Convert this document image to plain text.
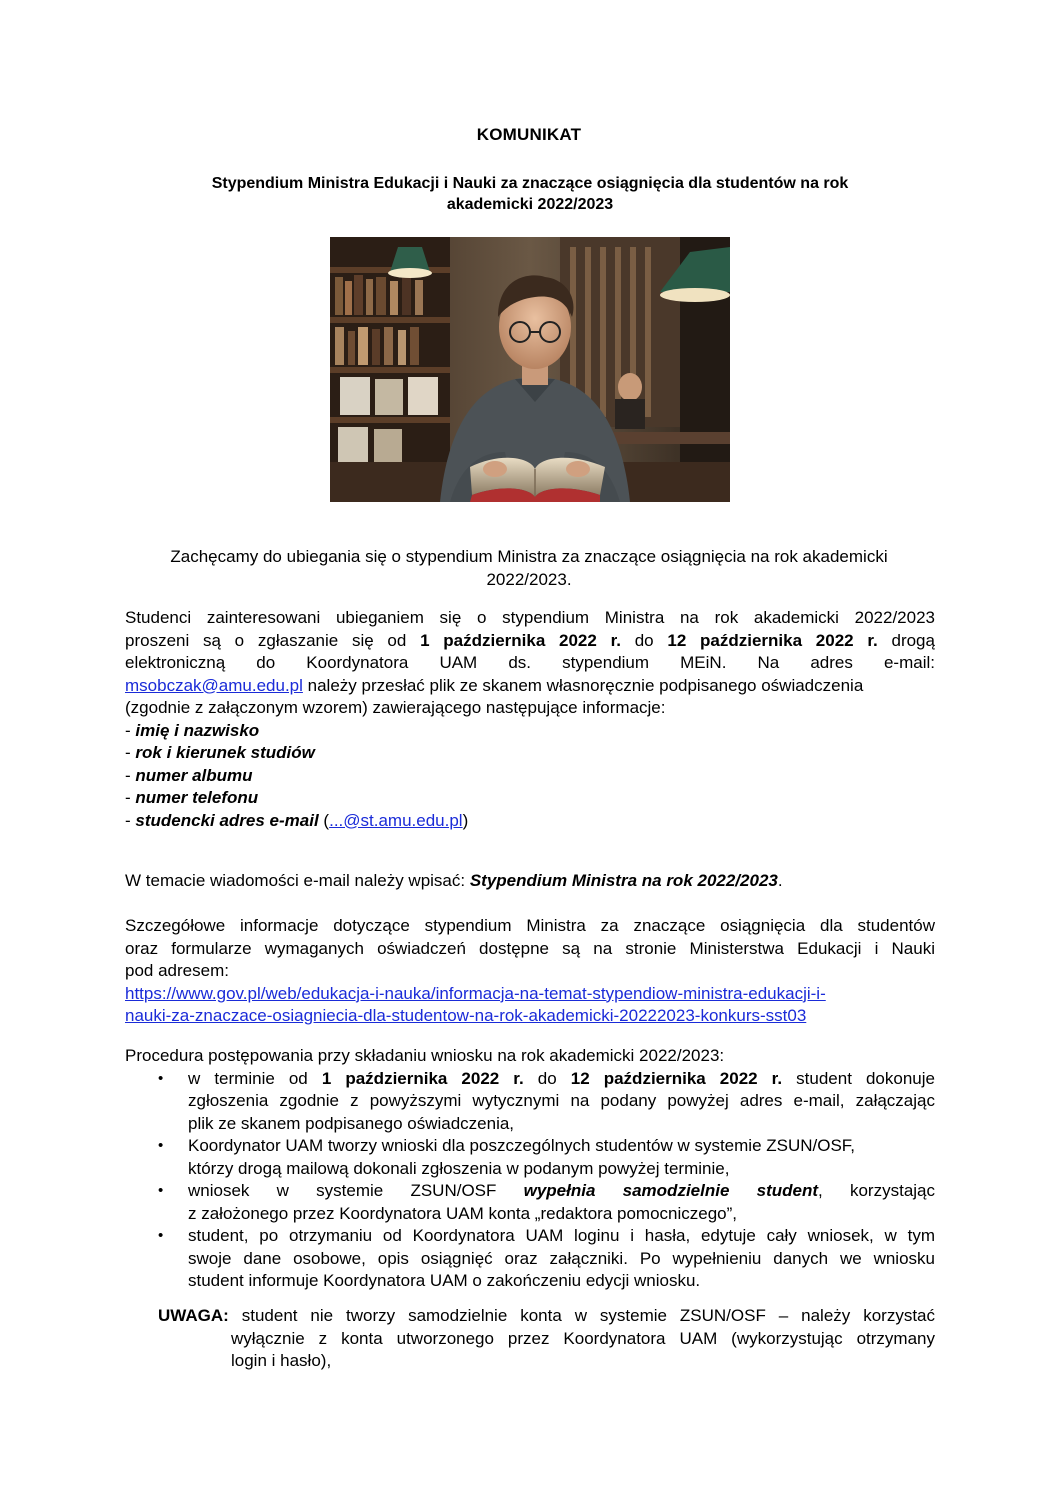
KOMUNIKAT
Stypendium Ministra Edukacji i Nauki za znaczące osiągnięcia dla studentów na rok
akademicki 2022/2023
Zachęcamy do ubiegania się o stypendium Ministra za znaczące osiągnięcia na rok akademicki
2022/2023.
Studenci zainteresowani ubieganiem się o stypendium Ministra na rok akademicki 2022/2023
proszeni są o zgłaszanie się od 1 października 2022 r. do 12 października 2022 r. drogą
elektroniczną do Koordynatora UAM ds. stypendium MEiN. Na adres e-mail:
msobczak@amu.edu.pl należy przesłać plik ze skanem własnoręcznie podpisanego oświadczenia
(zgodnie z załączonym wzorem) zawierającego następujące informacje:
- imię i nazwisko
- rok i kierunek studiów
- numer albumu
- numer telefonu
- studencki adres e-mail (...@st.amu.edu.pl)
W temacie wiadomości e-mail należy wpisać: Stypendium Ministra na rok 2022/2023.
Szczegółowe informacje dotyczące stypendium Ministra za znaczące osiągnięcia dla studentów
oraz formularze wymaganych oświadczeń dostępne są na stronie Ministerstwa Edukacji i Nauki
pod adresem:
https://www.gov.pl/web/edukacja-i-nauka/informacja-na-temat-stypendiow-ministra-edukacji-i-
nauki-za-znaczace-osiagniecia-dla-studentow-na-rok-akademicki-20222023-konkurs-sst03
Procedura postępowania przy składaniu wniosku na rok akademicki 2022/2023:
• w terminie od 1 października 2022 r. do 12 października 2022 r. student dokonuje
zgłoszenia zgodnie z powyższymi wytycznymi na podany powyżej adres e-mail, załączając
plik ze skanem podpisanego oświadczenia,
• Koordynator UAM tworzy wnioski dla poszczególnych studentów w systemie ZSUN/OSF,
którzy drogą mailową dokonali zgłoszenia w podanym powyżej terminie,
• wniosek w systemie ZSUN/OSF wypełnia samodzielnie student, korzystając
z założonego przez Koordynatora UAM konta „redaktora pomocniczego”,
• student, po otrzymaniu od Koordynatora UAM loginu i hasła, edytuje cały wniosek, w tym
swoje dane osobowe, opis osiągnięć oraz załączniki. Po wypełnieniu danych we wniosku
student informuje Koordynatora UAM o zakończeniu edycji wniosku.
UWAGA: student nie tworzy samodzielnie konta w systemie ZSUN/OSF – należy korzystać
wyłącznie z konta utworzonego przez Koordynatora UAM (wykorzystując otrzymany
login i hasło),
